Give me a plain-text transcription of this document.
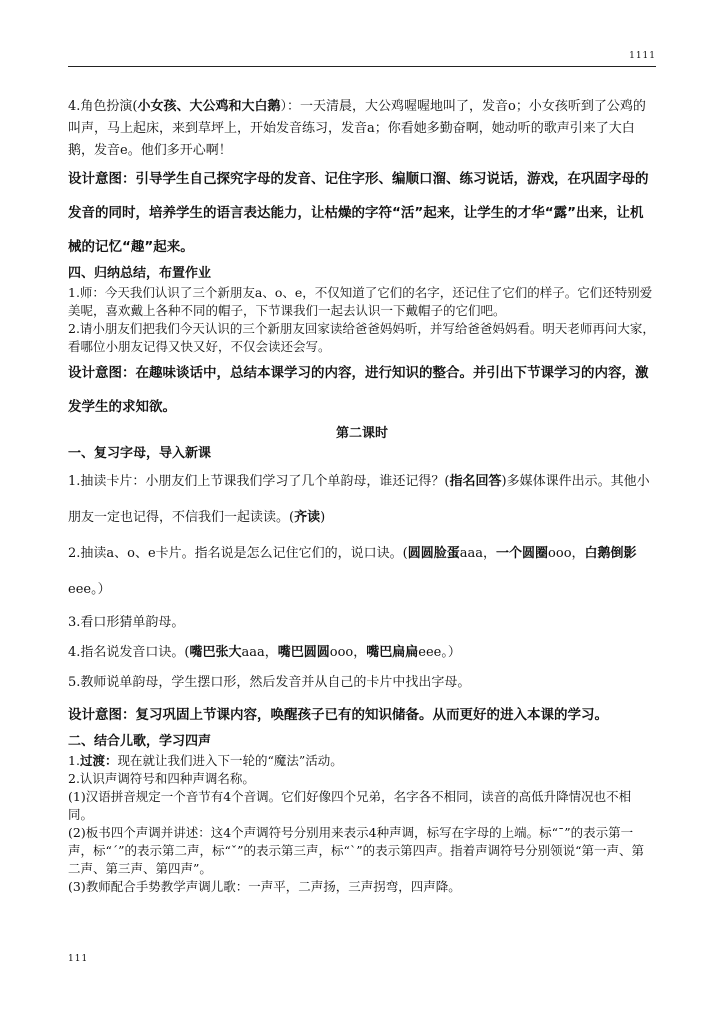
1111

4.角色扮演(小女孩、大公鸡和大白鹅）：一天清晨，大公鸡喔喔地叫了，发音o；小女孩听到了公鸡的叫声，马上起床，来到草坪上，开始发音练习，发音a；你看她多勤奋啊，她动听的歌声引来了大白鹅，发音e。他们多开心啊！

设计意图：引导学生自己探究字母的发音、记住字形、编顺口溜、练习说话，游戏，在巩固字母的发音的同时，培养学生的语言表达能力，让枯燥的字符“活”起来，让学生的才华“露”出来，让机械的记忆“趣”起来。

四、归纳总结，布置作业

1.师：今天我们认识了三个新朋友a、o、e，不仅知道了它们的名字，还记住了它们的样子。它们还特别爱美呢，喜欢戴上各种不同的帽子，下节课我们一起去认识一下戴帽子的它们吧。

2.请小朋友们把我们今天认识的三个新朋友回家读给爸爸妈妈听，并写给爸爸妈妈看。明天老师再问大家，看哪位小朋友记得又快又好，不仅会读还会写。

设计意图：在趣味谈话中，总结本课学习的内容，进行知识的整合。并引出下节课学习的内容，激发学生的求知欲。

第二课时

一、复习字母，导入新课

1.抽读卡片：小朋友们上节课我们学习了几个单韵母，谁还记得？(指名回答)多媒体课件出示。其他小朋友一定也记得，不信我们一起读读。(齐读)

2.抽读a、o、e卡片。指名说是怎么记住它们的，说口诀。(圆圆脸蛋aaa，一个圆圈ooo，白鹅倒影eee。）

3.看口形猜单韵母。

4.指名说发音口诀。(嘴巴张大aaa，嘴巴圆圆ooo，嘴巴扁扁eee。）

5.教师说单韵母，学生摆口形，然后发音并从自己的卡片中找出字母。

设计意图：复习巩固上节课内容，唤醒孩子已有的知识储备。从而更好的进入本课的学习。

二、结合儿歌，学习四声

1.过渡：现在就让我们进入下一轮的“魔法”活动。

2.认识声调符号和四种声调名称。

(1)汉语拼音规定一个音节有4个音调。它们好像四个兄弟，名字各不相同，读音的高低升降情况也不相同。

(2)板书四个声调并讲述：这4个声调符号分别用来表示4种声调，标写在字母的上端。标“ˉ”的表示第一声，标“ˊ”的表示第二声，标“ˇ”的表示第三声，标“ˋ”的表示第四声。指着声调符号分别领说“第一声、第二声、第三声、第四声”。

(3)教师配合手势教学声调儿歌：一声平，二声扬，三声拐弯，四声降。

111
